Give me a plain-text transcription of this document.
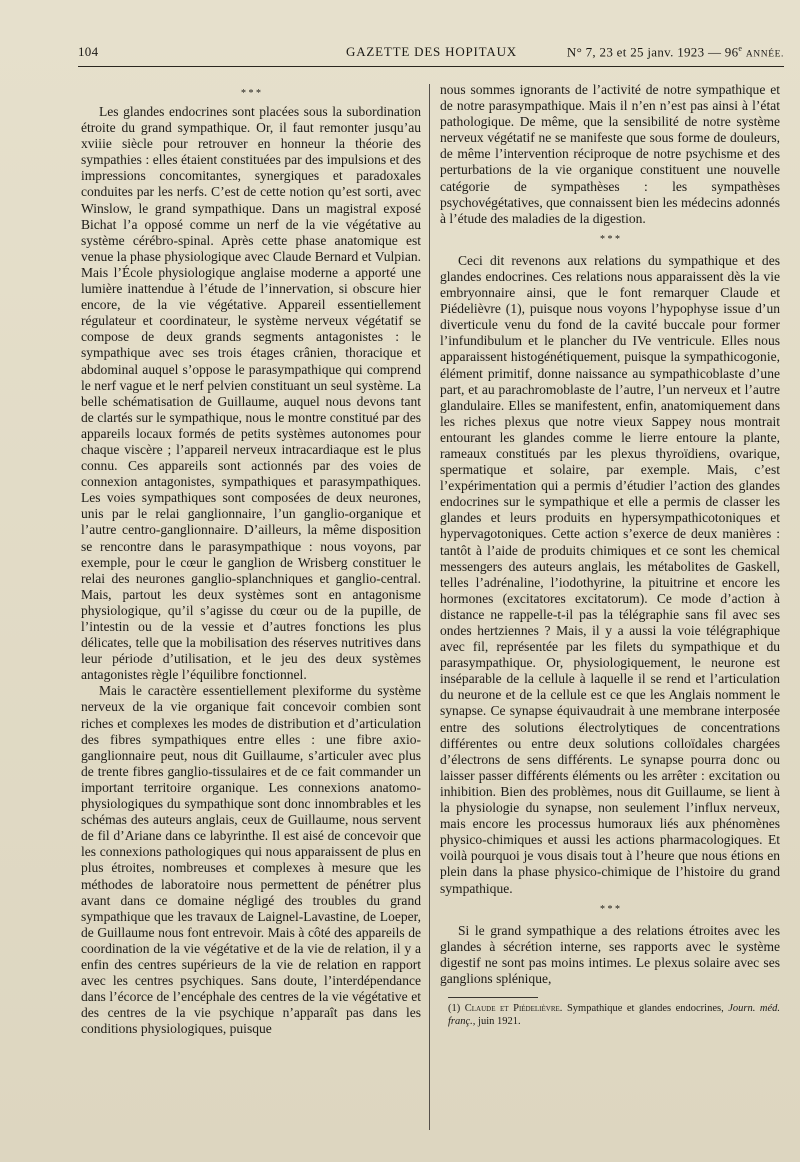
104	GAZETTE DES HOPITAUX	N° 7, 23 et 25 janv. 1923 — 96e ANNÉE.
* * *

Les glandes endocrines sont placées sous la subordination étroite du grand sympathique. Or, il faut remonter jusqu’au xviiie siècle pour retrouver en honneur la théorie des sympathies : elles étaient constituées par des impulsions et des impressions concomitantes, synergiques et paradoxales conduites par les nerfs. C’est de cette notion qu’est sorti, avec Winslow, le grand sympathique. Dans un magistral exposé Bichat l’a opposé comme un nerf de la vie végétative au système cérébro-spinal. Après cette phase anatomique est venue la phase physiologique avec Claude Bernard et Vulpian. Mais l’École physiologique anglaise moderne a apporté une lumière inattendue à l’étude de l’innervation, si obscure hier encore, de la vie végétative. Appareil essentiellement régulateur et coordinateur, le système nerveux végétatif se compose de deux grands segments antagonistes : le sympathique avec ses trois étages crânien, thoracique et abdominal auquel s’oppose le parasympathique qui comprend le nerf vague et le nerf pelvien constituant un seul système. La belle schématisation de Guillaume, auquel nous devons tant de clartés sur le sympathique, nous le montre constitué par des appareils locaux formés de petits systèmes autonomes pour chaque viscère ; l’appareil nerveux intracardiaque est le plus connu. Ces appareils sont actionnés par des voies de connexion antagonistes, sympathiques et parasympathiques. Les voies sympathiques sont composées de deux neurones, unis par le relai ganglionnaire, l’un ganglio-organique et l’autre centro-ganglionnaire. D’ailleurs, la même disposition se rencontre dans le parasympathique : nous voyons, par exemple, pour le cœur le ganglion de Wrisberg constituer le relai des neurones ganglio-splanchniques et ganglio-central. Mais, partout les deux systèmes sont en antagonisme physiologique, qu’il s’agisse du cœur ou de la pupille, de l’intestin ou de la vessie et d’autres fonctions les plus délicates, telle que la mobilisation des réserves nutritives dans leur période d’utilisation, et le jeu des deux systèmes antagonistes règle l’équilibre fonctionnel.

Mais le caractère essentiellement plexiforme du système nerveux de la vie organique fait concevoir combien sont riches et complexes les modes de distribution et d’articulation des fibres sympathiques entre elles : une fibre axio-ganglionnaire peut, nous dit Guillaume, s’articuler avec plus de trente fibres ganglio-tissulaires et de ce fait commander un important territoire organique. Les connexions anatomo-physiologiques du sympathique sont donc innombrables et les schémas des auteurs anglais, ceux de Guillaume, nous servent de fil d’Ariane dans ce labyrinthe. Il est aisé de concevoir que les connexions pathologiques qui nous apparaissent de plus en plus étroites, nombreuses et complexes à mesure que les méthodes de laboratoire nous permettent de pénétrer plus avant dans ce domaine négligé des troubles du grand sympathique que les travaux de Laignel-Lavastine, de Loeper, de Guillaume nous font entrevoir. Mais à côté des appareils de coordination de la vie végétative et de la vie de relation, il y a enfin des centres supérieurs de la vie de relation en rapport avec les centres psychiques. Sans doute, l’interdépendance dans l’écorce de l’encéphale des centres de la vie végétative et des centres de la vie psychique n’apparaît pas dans les conditions physiologiques, puisque

nous sommes ignorants de l’activité de notre sympathique et de notre parasympathique. Mais il n’en n’est pas ainsi à l’état pathologique. De même, que la sensibilité de notre système nerveux végétatif ne se manifeste que sous forme de douleurs, de même l’intervention réciproque de notre psychisme et des perturbations de la vie organique constituent une nouvelle catégorie de sympathèses : les sympathèses psychovégétatives, que connaissent bien les médecins adonnés à l’étude des maladies de la digestion.

* * *

Ceci dit revenons aux relations du sympathique et des glandes endocrines. Ces relations nous apparaissent dès la vie embryonnaire ainsi, que le font remarquer Claude et Piédelièvre (1), puisque nous voyons l’hypophyse issue d’un diverticule venu du fond de la cavité buccale pour former l’infundibulum et le plancher du IVe ventricule. Elles nous apparaissent histogénétiquement, puisque la sympathicogonie, élément primitif, donne naissance au sympathicoblaste d’une part, et au parachromoblaste de l’autre, l’un nerveux et l’autre glandulaire. Elles se manifestent, enfin, anatomiquement dans les riches plexus que notre vieux Sappey nous montrait entourant les glandes comme le lierre entoure la plante, rameaux constitués par les plexus thyroïdiens, ovarique, spermatique et solaire, par exemple. Mais, c’est l’expérimentation qui a permis d’étudier l’action des glandes endocrines sur le sympathique et elle a permis de classer les glandes et leurs produits en hypersympathicotoniques et hypervagotoniques. Cette action s’exerce de deux manières : tantôt à l’aide de produits chimiques et ce sont les chemical messengers des auteurs anglais, les métabolites de Gaskell, telles l’adrénaline, l’iodothyrine, la pituitrine et encore les hormones (excitatores excitatorum). Ce mode d’action à distance ne rappelle-t-il pas la télégraphie sans fil avec ses ondes hertziennes ? Mais, il y a aussi la voie télégraphique avec fil, représentée par les filets du sympathique et du parasympathique. Or, physiologiquement, le neurone est inséparable de la cellule à laquelle il se rend et l’articulation du neurone et de la cellule est ce que les Anglais nomment le synapse. Ce synapse équivaudrait à une membrane interposée entre des solutions électrolytiques de concentrations différentes ou entre deux solutions colloïdales chargées d’électrons de sens différents. Le synapse pourra donc ou laisser passer différents éléments ou les arrêter : excitation ou inhibition. Bien des problèmes, nous dit Guillaume, se lient à la physiologie du synapse, non seulement l’influx nerveux, mais encore les processus humoraux liés aux phénomènes physico-chimiques et aussi les actions pharmacologiques. Et voilà pourquoi je vous disais tout à l’heure que nous étions en plein dans la phase physico-chimique de l’histoire du grand sympathique.

* * *

Si le grand sympathique a des relations étroites avec les glandes à sécrétion interne, ses rapports avec le système digestif ne sont pas moins intimes. Le plexus solaire avec ses ganglions splénique,

(1) Claude et Piédelièvre. Sympathique et glandes endocrines, Journ. méd. franç., juin 1921.
